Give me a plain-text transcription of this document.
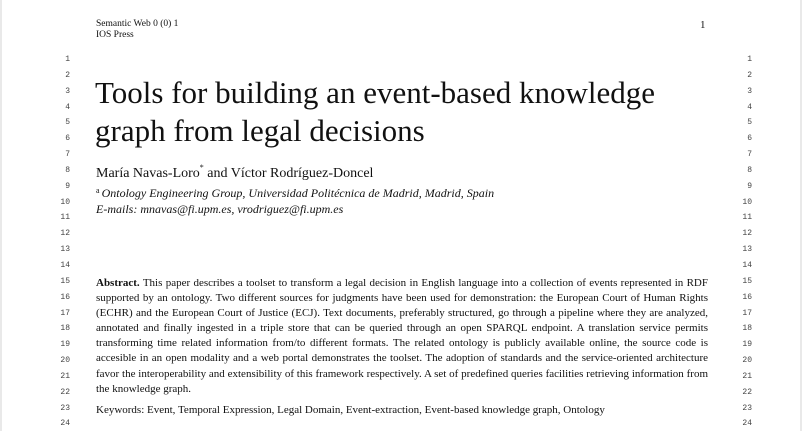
1
2
3
4
5
6
7
8
9
10
11
12
13
14
15
16
17
18
19
20
21
22
23
24
1
2
3
4
5
6
7
8
9
10
11
12
13
14
15
16
17
18
19
20
21
22
23
24
Semantic Web 0 (0) 1
IOS Press
1
Tools for building an event-based knowledge
graph from legal decisions
María Navas-Loro* and Víctor Rodríguez-Doncel
$^a$ Ontology Engineering Group, Universidad Politécnica de Madrid, Madrid, Spain
E-mails: mnavas@fi.upm.es, vrodriguez@fi.upm.es

Abstract. This paper describes a toolset to transform a legal decision in English language into a collection of events represented in RDF supported by an ontology. Two different sources for judgments have been used for demonstration: the European Court of Human Rights (ECHR) and the European Court of Justice (ECJ). Text documents, preferably structured, go through a pipeline where they are analyzed, annotated and finally ingested in a triple store that can be queried through an open SPARQL endpoint. A translation service permits transforming time related information from/to different formats. The related ontology is publicly available online, the source code is accesible in an open modality and a web portal demonstrates the toolset. The adoption of standards and the service-oriented architecture favor the interoperability and extensibility of this framework respectively. A set of predefined queries facilities retrieving information from the knowledge graph.

Keywords: Event, Temporal Expression, Legal Domain, Event-extraction, Event-based knowledge graph, Ontology
